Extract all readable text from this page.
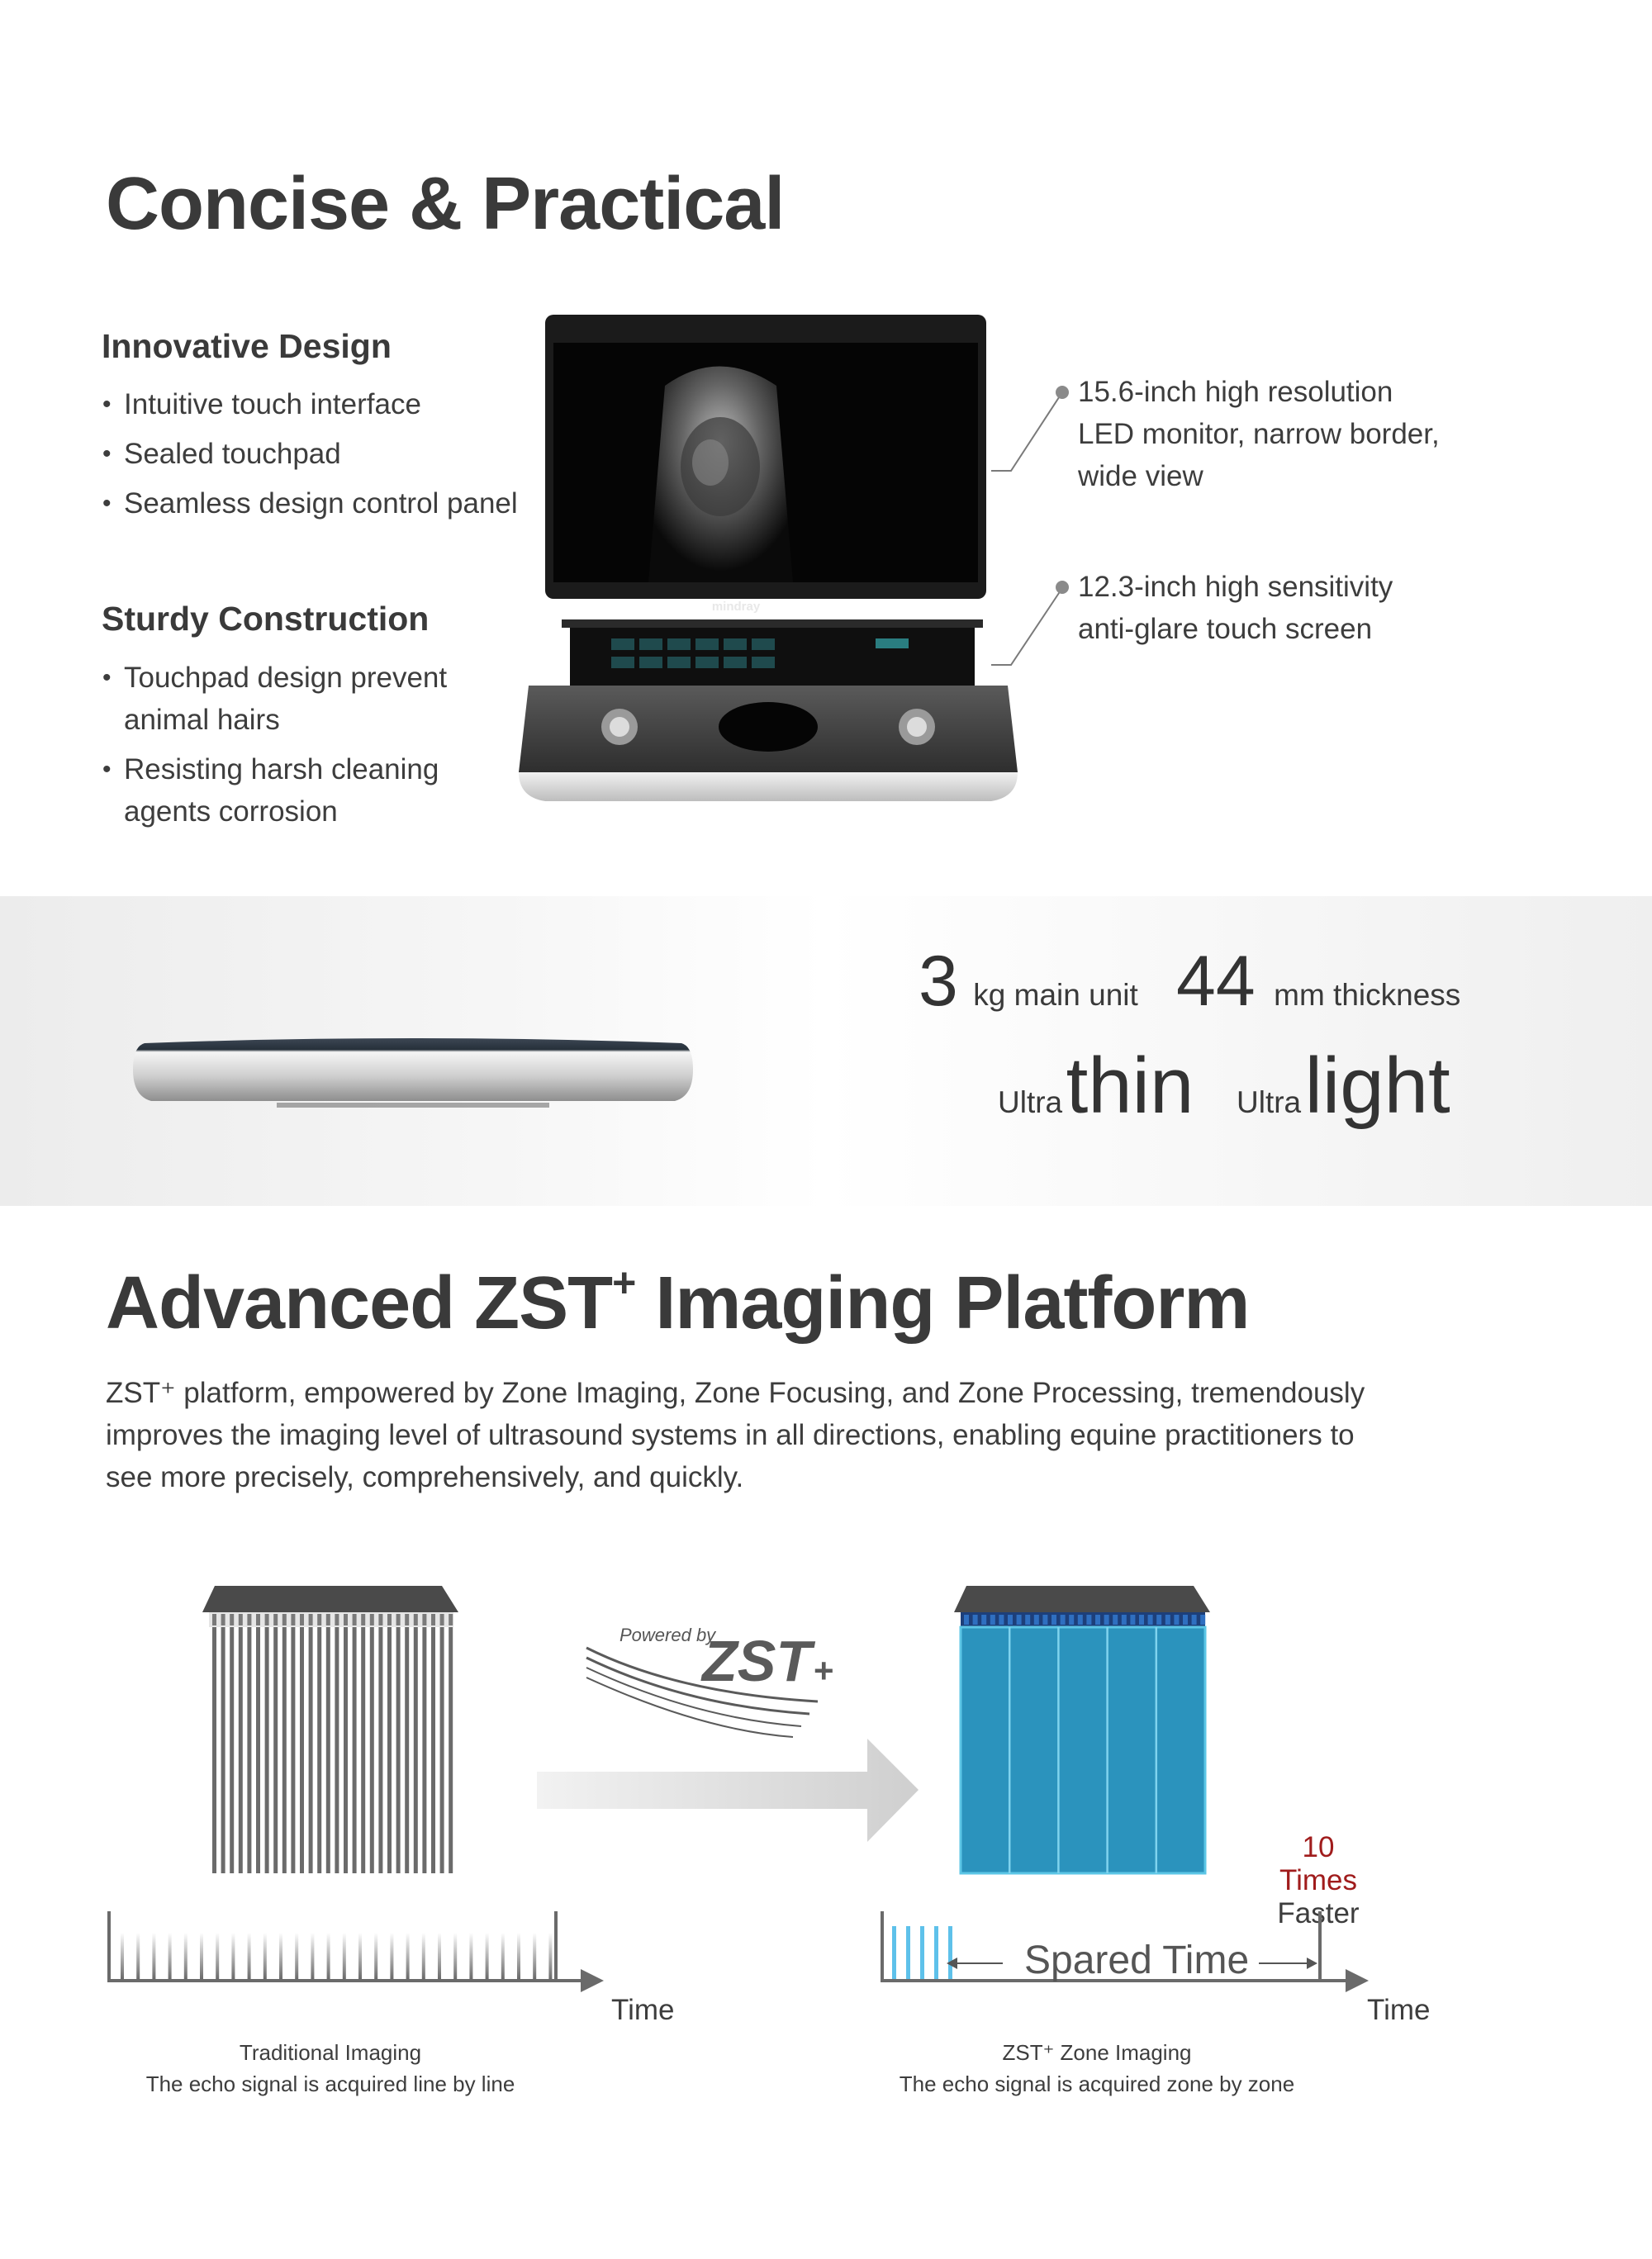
Concise & Practical
Innovative Design
• Intuitive touch interface
• Sealed touchpad
• Seamless design control panel
Sturdy Construction
• Touchpad design prevent animal hairs
• Resisting harsh cleaning agents corrosion
mindray
15.6-inch high resolution
LED monitor, narrow border,
wide view
12.3-inch high sensitivity
anti-glare touch screen
3 kg main unit 44 mm thickness
Ultra thin Ultra light
Advanced ZST+ Imaging Platform
ZST⁺ platform, empowered by Zone Imaging, Zone Focusing, and Zone Processing, tremendously
improves the imaging level of ultrasound systems in all directions, enabling equine practitioners to
see more precisely, comprehensively, and quickly.
Time
Traditional Imaging
The echo signal is acquired line by line
Powered by
ZST +
10 Times
Faster
Spared Time
Time
ZST⁺ Zone Imaging
The echo signal is acquired zone by zone
